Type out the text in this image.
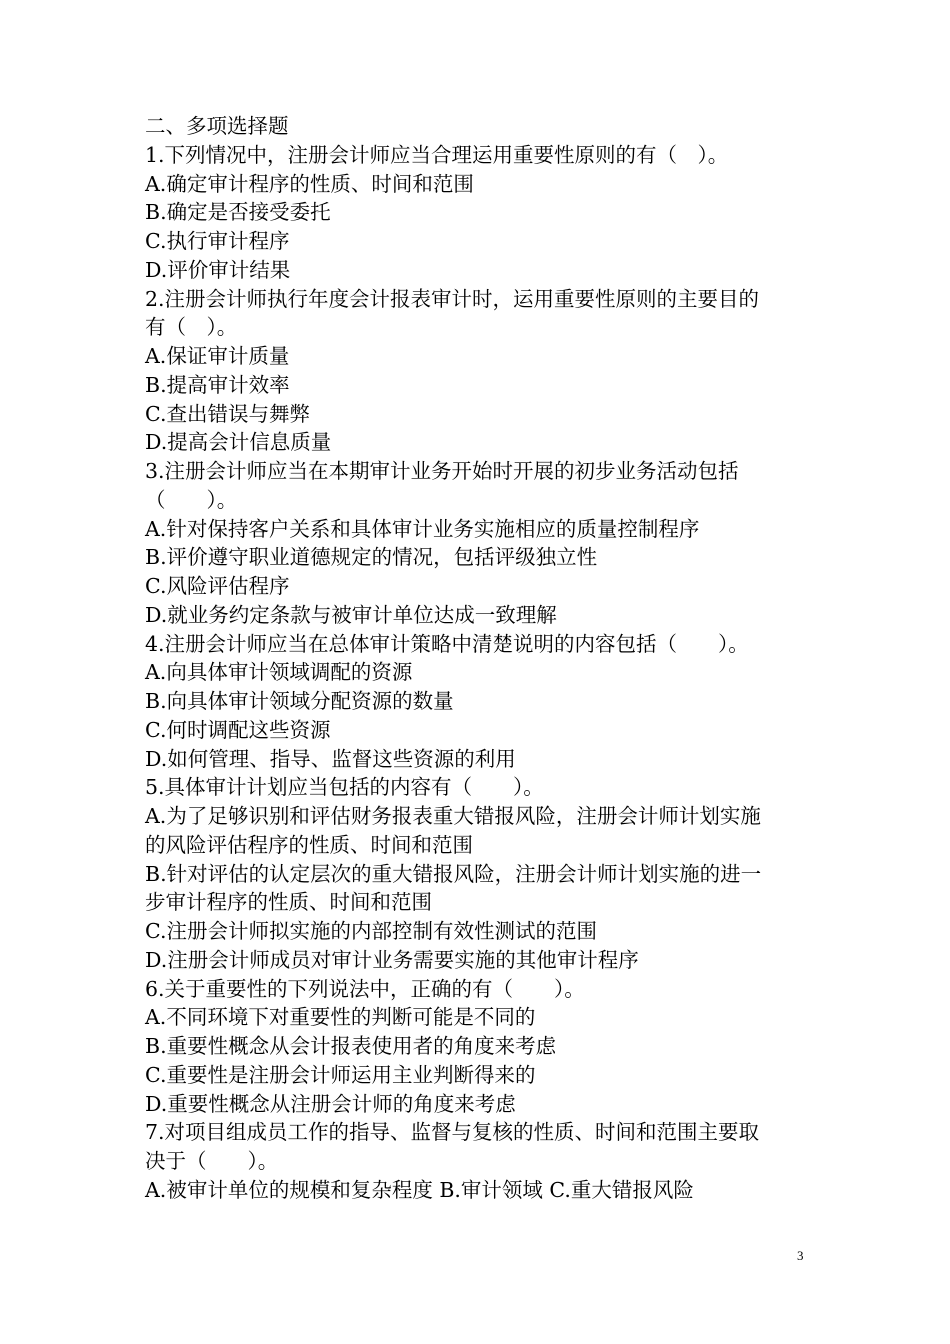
二、多项选择题
1.下列情况中，注册会计师应当合理运用重要性原则的有（　）。
A.确定审计程序的性质、时间和范围
B.确定是否接受委托
C.执行审计程序
D.评价审计结果
2.注册会计师执行年度会计报表审计时，运用重要性原则的主要目的
有（　）。
A.保证审计质量
B.提高审计效率
C.查出错误与舞弊
D.提高会计信息质量
3.注册会计师应当在本期审计业务开始时开展的初步业务活动包括
（　　）。
A.针对保持客户关系和具体审计业务实施相应的质量控制程序
B.评价遵守职业道德规定的情况，包括评级独立性
C.风险评估程序
D.就业务约定条款与被审计单位达成一致理解
4.注册会计师应当在总体审计策略中清楚说明的内容包括（　　）。
A.向具体审计领域调配的资源
B.向具体审计领域分配资源的数量
C.何时调配这些资源
D.如何管理、指导、监督这些资源的利用
5.具体审计计划应当包括的内容有（　　）。
A.为了足够识别和评估财务报表重大错报风险，注册会计师计划实施
的风险评估程序的性质、时间和范围
B.针对评估的认定层次的重大错报风险，注册会计师计划实施的进一
步审计程序的性质、时间和范围
C.注册会计师拟实施的内部控制有效性测试的范围
D.注册会计师成员对审计业务需要实施的其他审计程序
6.关于重要性的下列说法中，正确的有（　　）。
A.不同环境下对重要性的判断可能是不同的
B.重要性概念从会计报表使用者的角度来考虑
C.重要性是注册会计师运用主业判断得来的
D.重要性概念从注册会计师的角度来考虑
7.对项目组成员工作的指导、监督与复核的性质、时间和范围主要取
决于（　　）。
A.被审计单位的规模和复杂程度 B.审计领域 C.重大错报风险
3
